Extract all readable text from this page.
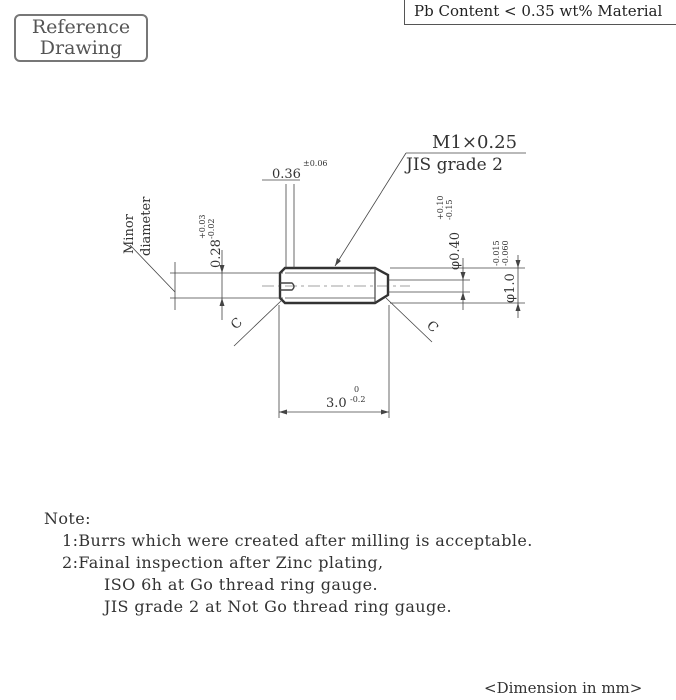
Reference
Drawing
Pb Content < 0.35 wt% Material
M1×0.25
JIS grade 2
0.36
±0.06
Minor diameter	0.28
+0.03 -0.02
φ0.40
+0.10 -0.15
φ1.0
-0.015 -0.060
C	C
3.0
0
-0.2
Note:
1:Burrs which were created after milling is acceptable.
2:Fainal inspection after Zinc plating,
ISO 6h at Go thread ring gauge.
JIS grade 2 at Not Go thread ring gauge.
<Dimension in mm>
